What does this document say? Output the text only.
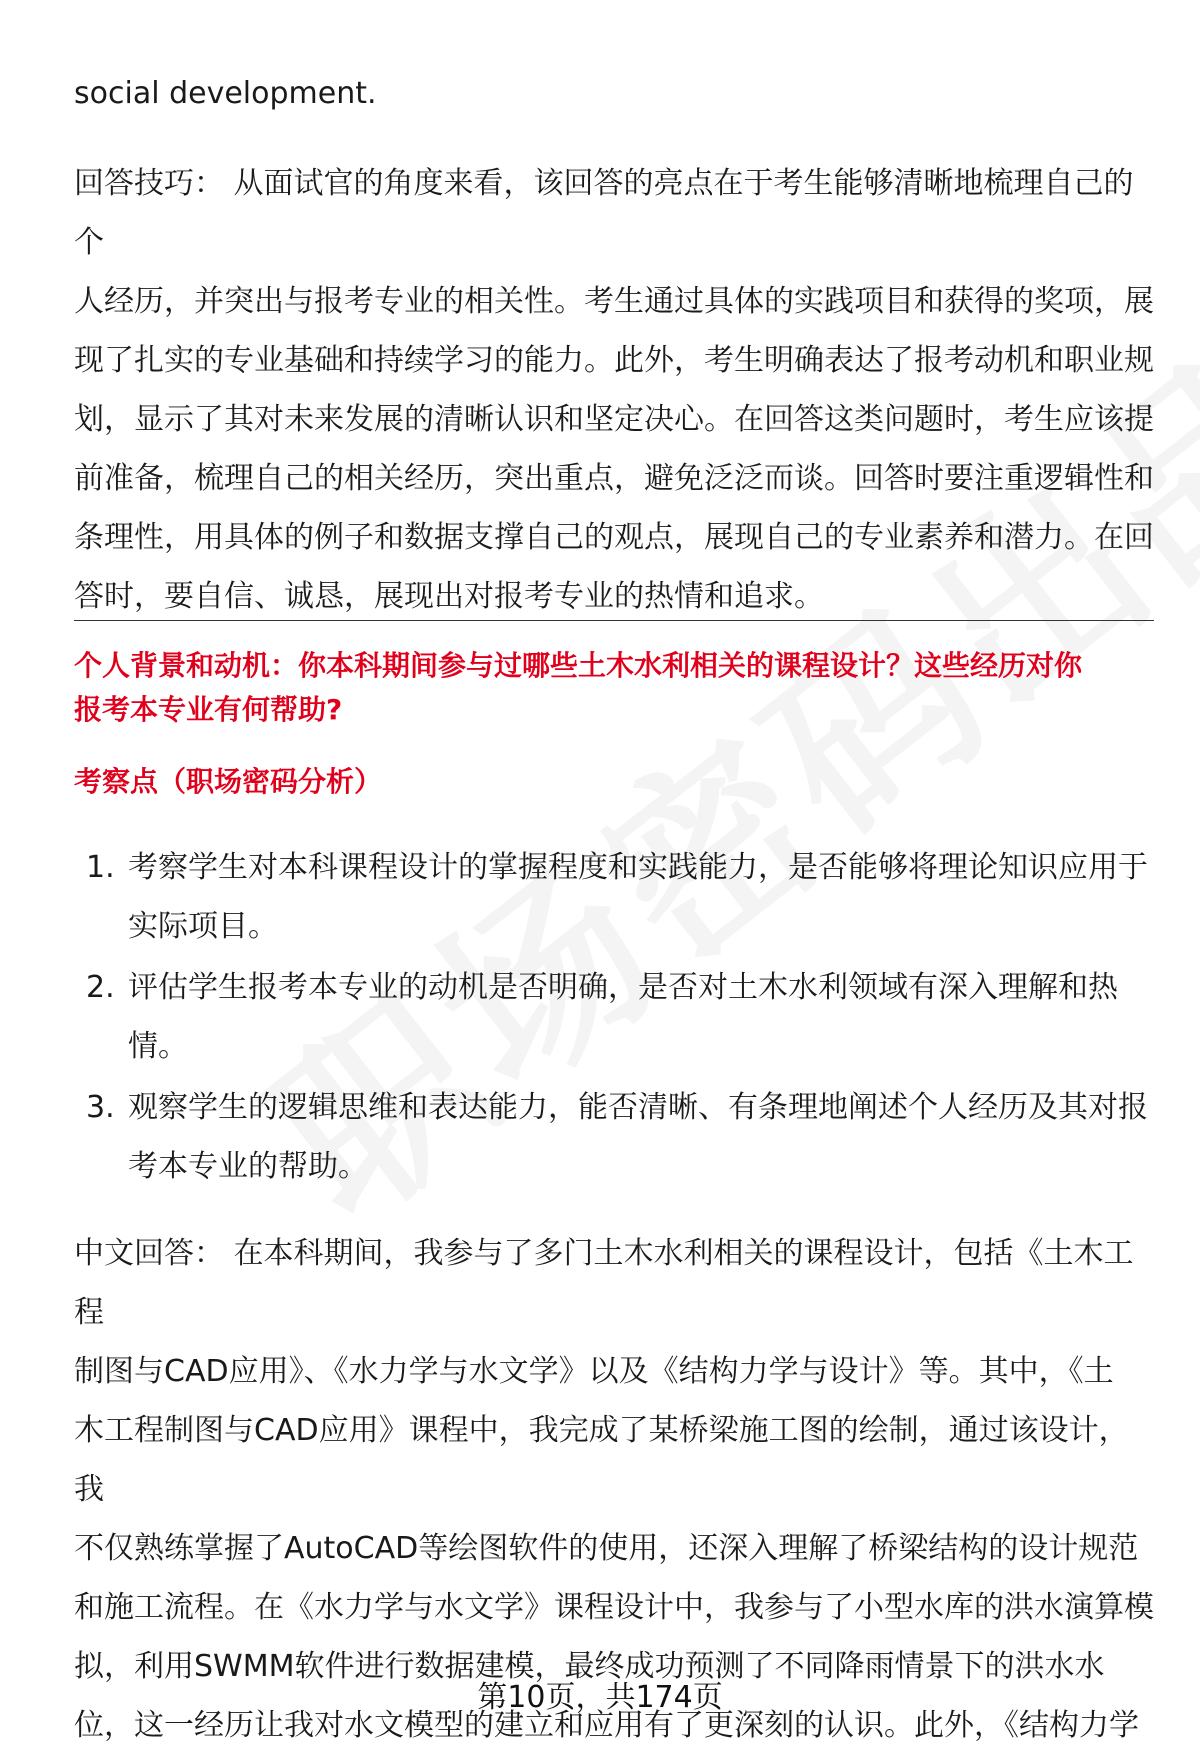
social development.

回答技巧： 从面试官的角度来看，该回答的亮点在于考生能够清晰地梳理自己的个

人经历，并突出与报考专业的相关性。考生通过具体的实践项目和获得的奖项，展

现了扎实的专业基础和持续学习的能力。此外，考生明确表达了报考动机和职业规

划，显示了其对未来发展的清晰认识和坚定决心。在回答这类问题时，考生应该提

前准备，梳理自己的相关经历，突出重点，避免泛泛而谈。回答时要注重逻辑性和

条理性，用具体的例子和数据支撑自己的观点，展现自己的专业素养和潜力。在回

答时，要自信、诚恳，展现出对报考专业的热情和追求。

个人背景和动机：你本科期间参与过哪些土木水利相关的课程设计？这些经历对你
报考本专业有何帮助?
考察点（职场密码分析）
1. 考察学生对本科课程设计的掌握程度和实践能力，是否能够将理论知识应用于
实际项目。
2. 评估学生报考本专业的动机是否明确，是否对土木水利领域有深入理解和热
情。
3. 观察学生的逻辑思维和表达能力，能否清晰、有条理地阐述个人经历及其对报
考本专业的帮助。

中文回答： 在本科期间，我参与了多门土木水利相关的课程设计，包括《土木工程

制图与CAD应用》、《水力学与水文学》以及《结构力学与设计》等。其中，《土

木工程制图与CAD应用》课程中，我完成了某桥梁施工图的绘制，通过该设计，我

不仅熟练掌握了AutoCAD等绘图软件的使用，还深入理解了桥梁结构的设计规范

和施工流程。在《水力学与水文学》课程设计中，我参与了小型水库的洪水演算模

拟，利用SWMM软件进行数据建模，最终成功预测了不同降雨情景下的洪水水

位，这一经历让我对水文模型的建立和应用有了更深刻的认识。此外，《结构力学

第10页，共174页
